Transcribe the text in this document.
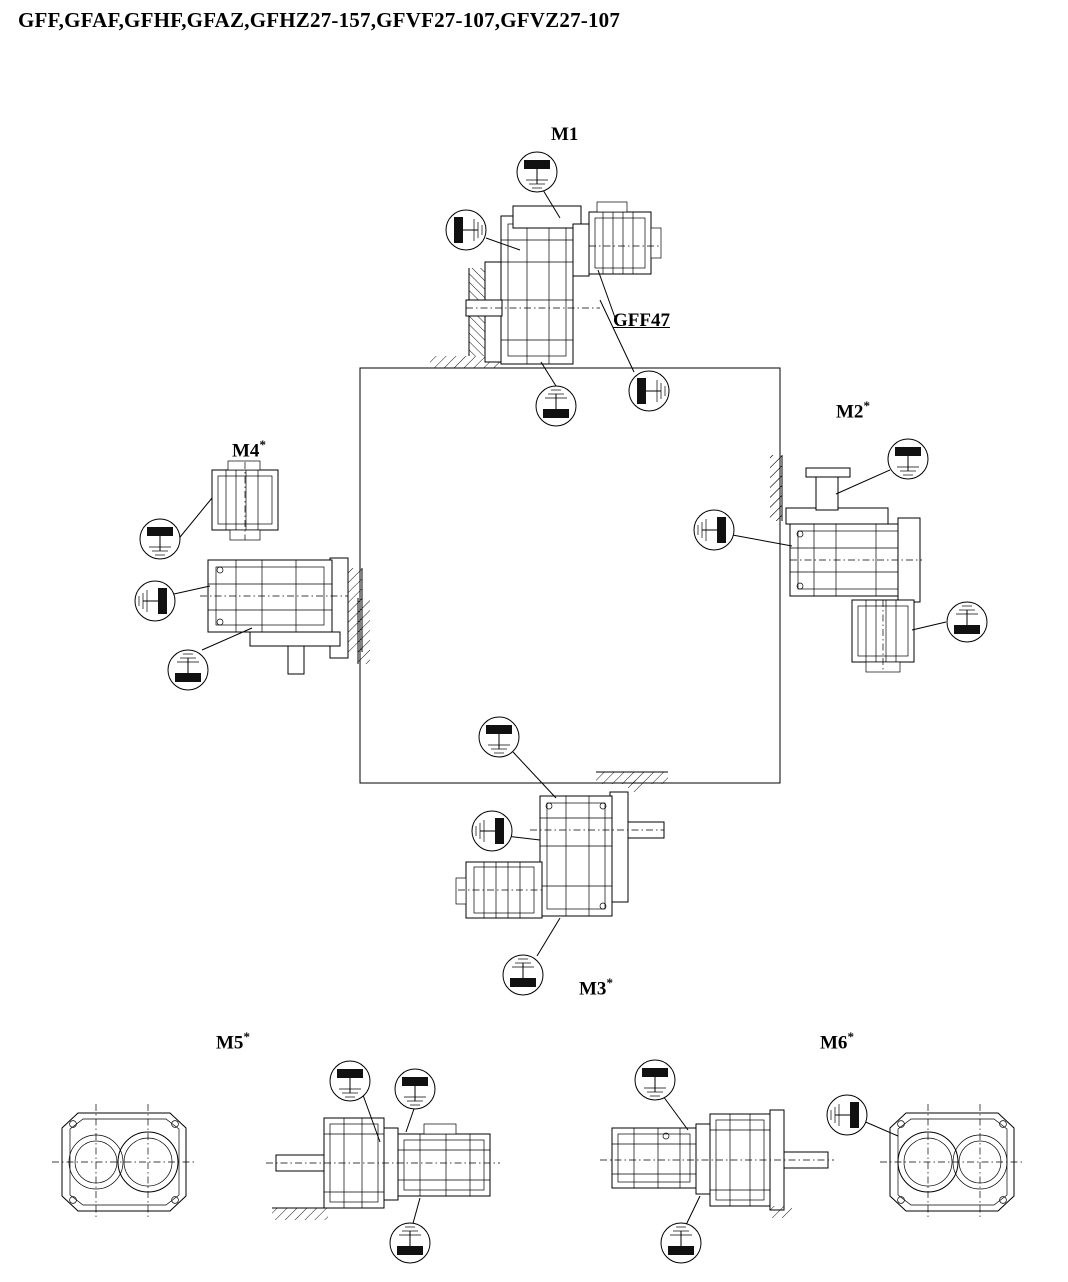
GFF,GFAF,GFHF,GFAZ,GFHZ27-157,GFVF27-107,GFVZ27-107
M1
GFF47
M2*
M4*
M3*
M5*	M6*
